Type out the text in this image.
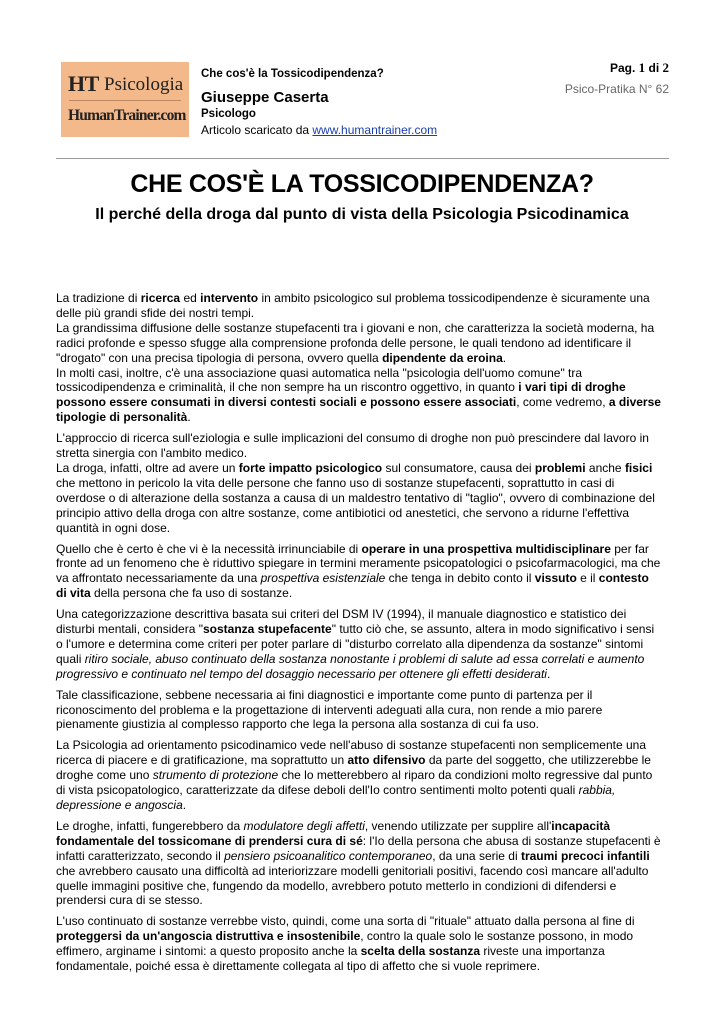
HT Psicologia
HumanTrainer.com
Che cos'è la Tossicodipendenza?
Giuseppe Caserta
Psicologo
Articolo scaricato da www.humantrainer.com
Pag. 1 di 2
Psico-Pratika N° 62
CHE COS'È LA TOSSICODIPENDENZA?
Il perché della droga dal punto di vista della Psicologia Psicodinamica

La tradizione di ricerca ed intervento in ambito psicologico sul problema tossicodipendenze è sicuramente una
delle più grandi sfide dei nostri tempi.
La grandissima diffusione delle sostanze stupefacenti tra i giovani e non, che caratterizza la società moderna, ha
radici profonde e spesso sfugge alla comprensione profonda delle persone, le quali tendono ad identificare il
"drogato" con una precisa tipologia di persona, ovvero quella dipendente da eroina.
In molti casi, inoltre, c'è una associazione quasi automatica nella "psicologia dell'uomo comune" tra
tossicodipendenza e criminalità, il che non sempre ha un riscontro oggettivo, in quanto i vari tipi di droghe
possono essere consumati in diversi contesti sociali e possono essere associati, come vedremo, a diverse
tipologie di personalità.

L'approccio di ricerca sull'eziologia e sulle implicazioni del consumo di droghe non può prescindere dal lavoro in
stretta sinergia con l'ambito medico.
La droga, infatti, oltre ad avere un forte impatto psicologico sul consumatore, causa dei problemi anche fisici
che mettono in pericolo la vita delle persone che fanno uso di sostanze stupefacenti, soprattutto in casi di
overdose o di alterazione della sostanza a causa di un maldestro tentativo di "taglio", ovvero di combinazione del
principio attivo della droga con altre sostanze, come antibiotici od anestetici, che servono a ridurne l'effettiva
quantità in ogni dose.

Quello che è certo è che vi è la necessità irrinunciabile di operare in una prospettiva multidisciplinare per far
fronte ad un fenomeno che è riduttivo spiegare in termini meramente psicopatologici o psicofarmacologici, ma che
va affrontato necessariamente da una prospettiva esistenziale che tenga in debito conto il vissuto e il contesto
di vita della persona che fa uso di sostanze.

Una categorizzazione descrittiva basata sui criteri del DSM IV (1994), il manuale diagnostico e statistico dei
disturbi mentali, considera "sostanza stupefacente" tutto ciò che, se assunto, altera in modo significativo i sensi
o l'umore e determina come criteri per poter parlare di "disturbo correlato alla dipendenza da sostanze" sintomi
quali ritiro sociale, abuso continuato della sostanza nonostante i problemi di salute ad essa correlati e aumento
progressivo e continuato nel tempo del dosaggio necessario per ottenere gli effetti desiderati.

Tale classificazione, sebbene necessaria ai fini diagnostici e importante come punto di partenza per il
riconoscimento del problema e la progettazione di interventi adeguati alla cura, non rende a mio parere
pienamente giustizia al complesso rapporto che lega la persona alla sostanza di cui fa uso.

La Psicologia ad orientamento psicodinamico vede nell'abuso di sostanze stupefacenti non semplicemente una
ricerca di piacere e di gratificazione, ma soprattutto un atto difensivo da parte del soggetto, che utilizzerebbe le
droghe come uno strumento di protezione che lo metterebbero al riparo da condizioni molto regressive dal punto
di vista psicopatologico, caratterizzate da difese deboli dell'Io contro sentimenti molto potenti quali rabbia,
depressione e angoscia.

Le droghe, infatti, fungerebbero da modulatore degli affetti, venendo utilizzate per supplire all'incapacità
fondamentale del tossicomane di prendersi cura di sé: l'Io della persona che abusa di sostanze stupefacenti è
infatti caratterizzato, secondo il pensiero psicoanalitico contemporaneo, da una serie di traumi precoci infantili
che avrebbero causato una difficoltà ad interiorizzare modelli genitoriali positivi, facendo così mancare all'adulto
quelle immagini positive che, fungendo da modello, avrebbero potuto metterlo in condizioni di difendersi e
prendersi cura di se stesso.

L'uso continuato di sostanze verrebbe visto, quindi, come una sorta di "rituale" attuato dalla persona al fine di
proteggersi da un'angoscia distruttiva e insostenibile, contro la quale solo le sostanze possono, in modo
effimero, arginame i sintomi: a questo proposito anche la scelta della sostanza riveste una importanza
fondamentale, poiché essa è direttamente collegata al tipo di affetto che si vuole reprimere.
